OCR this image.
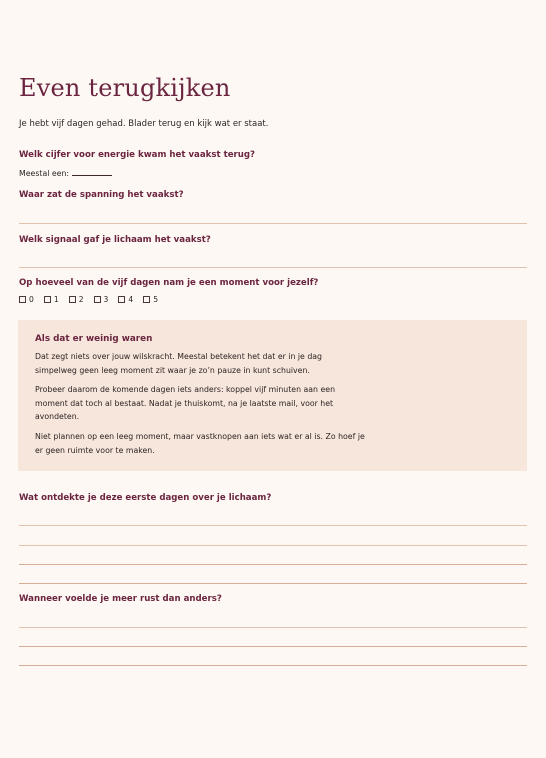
Even terugkijken
Je hebt vijf dagen gehad. Blader terug en kijk wat er staat.

Welk cijfer voor energie kwam het vaakst terug?

Meestal een:

Waar zat de spanning het vaakst?

Welk signaal gaf je lichaam het vaakst?

Op hoeveel van de vijf dagen nam je een moment voor jezelf?

0	1	2	3	4	5
Als dat er weinig waren
Dat zegt niets over jouw wilskracht. Meestal betekent het dat er in je dag simpelweg geen leeg moment zit waar je zo’n pauze in kunt schuiven.
Probeer daarom de komende dagen iets anders: koppel vijf minuten aan een moment dat toch al bestaat. Nadat je thuiskomt, na je laatste mail, voor het avondeten.
Niet plannen op een leeg moment, maar vastknopen aan iets wat er al is. Zo hoef je er geen ruimte voor te maken.

Wat ontdekte je deze eerste dagen over je lichaam?

Wanneer voelde je meer rust dan anders?
